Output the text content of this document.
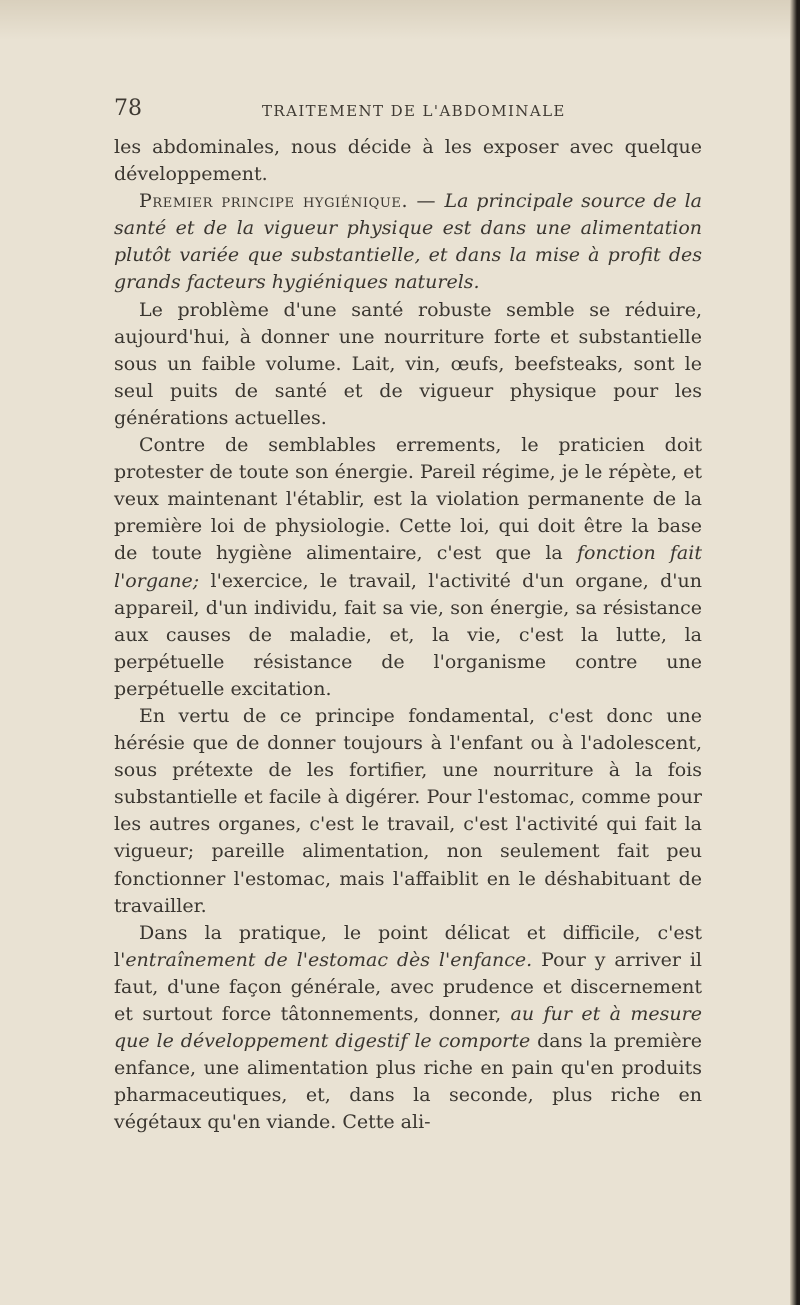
78	TRAITEMENT DE L'ABDOMINALE

les abdominales, nous décide à les exposer avec quelque développement.

Premier principe hygiénique. — La principale source de la santé et de la vigueur physique est dans une alimentation plutôt variée que substantielle, et dans la mise à profit des grands facteurs hygiéniques naturels.

Le problème d'une santé robuste semble se réduire, aujourd'hui, à donner une nourriture forte et substantielle sous un faible volume. Lait, vin, œufs, beefsteaks, sont le seul puits de santé et de vigueur physique pour les générations actuelles.

Contre de semblables errements, le praticien doit protester de toute son énergie. Pareil régime, je le répète, et veux maintenant l'établir, est la violation permanente de la première loi de physiologie. Cette loi, qui doit être la base de toute hygiène alimentaire, c'est que la fonction fait l'organe; l'exercice, le travail, l'activité d'un organe, d'un appareil, d'un individu, fait sa vie, son énergie, sa résistance aux causes de maladie, et, la vie, c'est la lutte, la perpétuelle résistance de l'organisme contre une perpétuelle excitation.

En vertu de ce principe fondamental, c'est donc une hérésie que de donner toujours à l'enfant ou à l'adolescent, sous prétexte de les fortifier, une nourriture à la fois substantielle et facile à digérer. Pour l'estomac, comme pour les autres organes, c'est le travail, c'est l'activité qui fait la vigueur; pareille alimentation, non seulement fait peu fonctionner l'estomac, mais l'affaiblit en le déshabituant de travailler.

Dans la pratique, le point délicat et difficile, c'est l'entraînement de l'estomac dès l'enfance. Pour y arriver il faut, d'une façon générale, avec prudence et discernement et surtout force tâtonnements, donner, au fur et à mesure que le développement digestif le comporte dans la première enfance, une alimentation plus riche en pain qu'en produits pharmaceutiques, et, dans la seconde, plus riche en végétaux qu'en viande. Cette ali-
